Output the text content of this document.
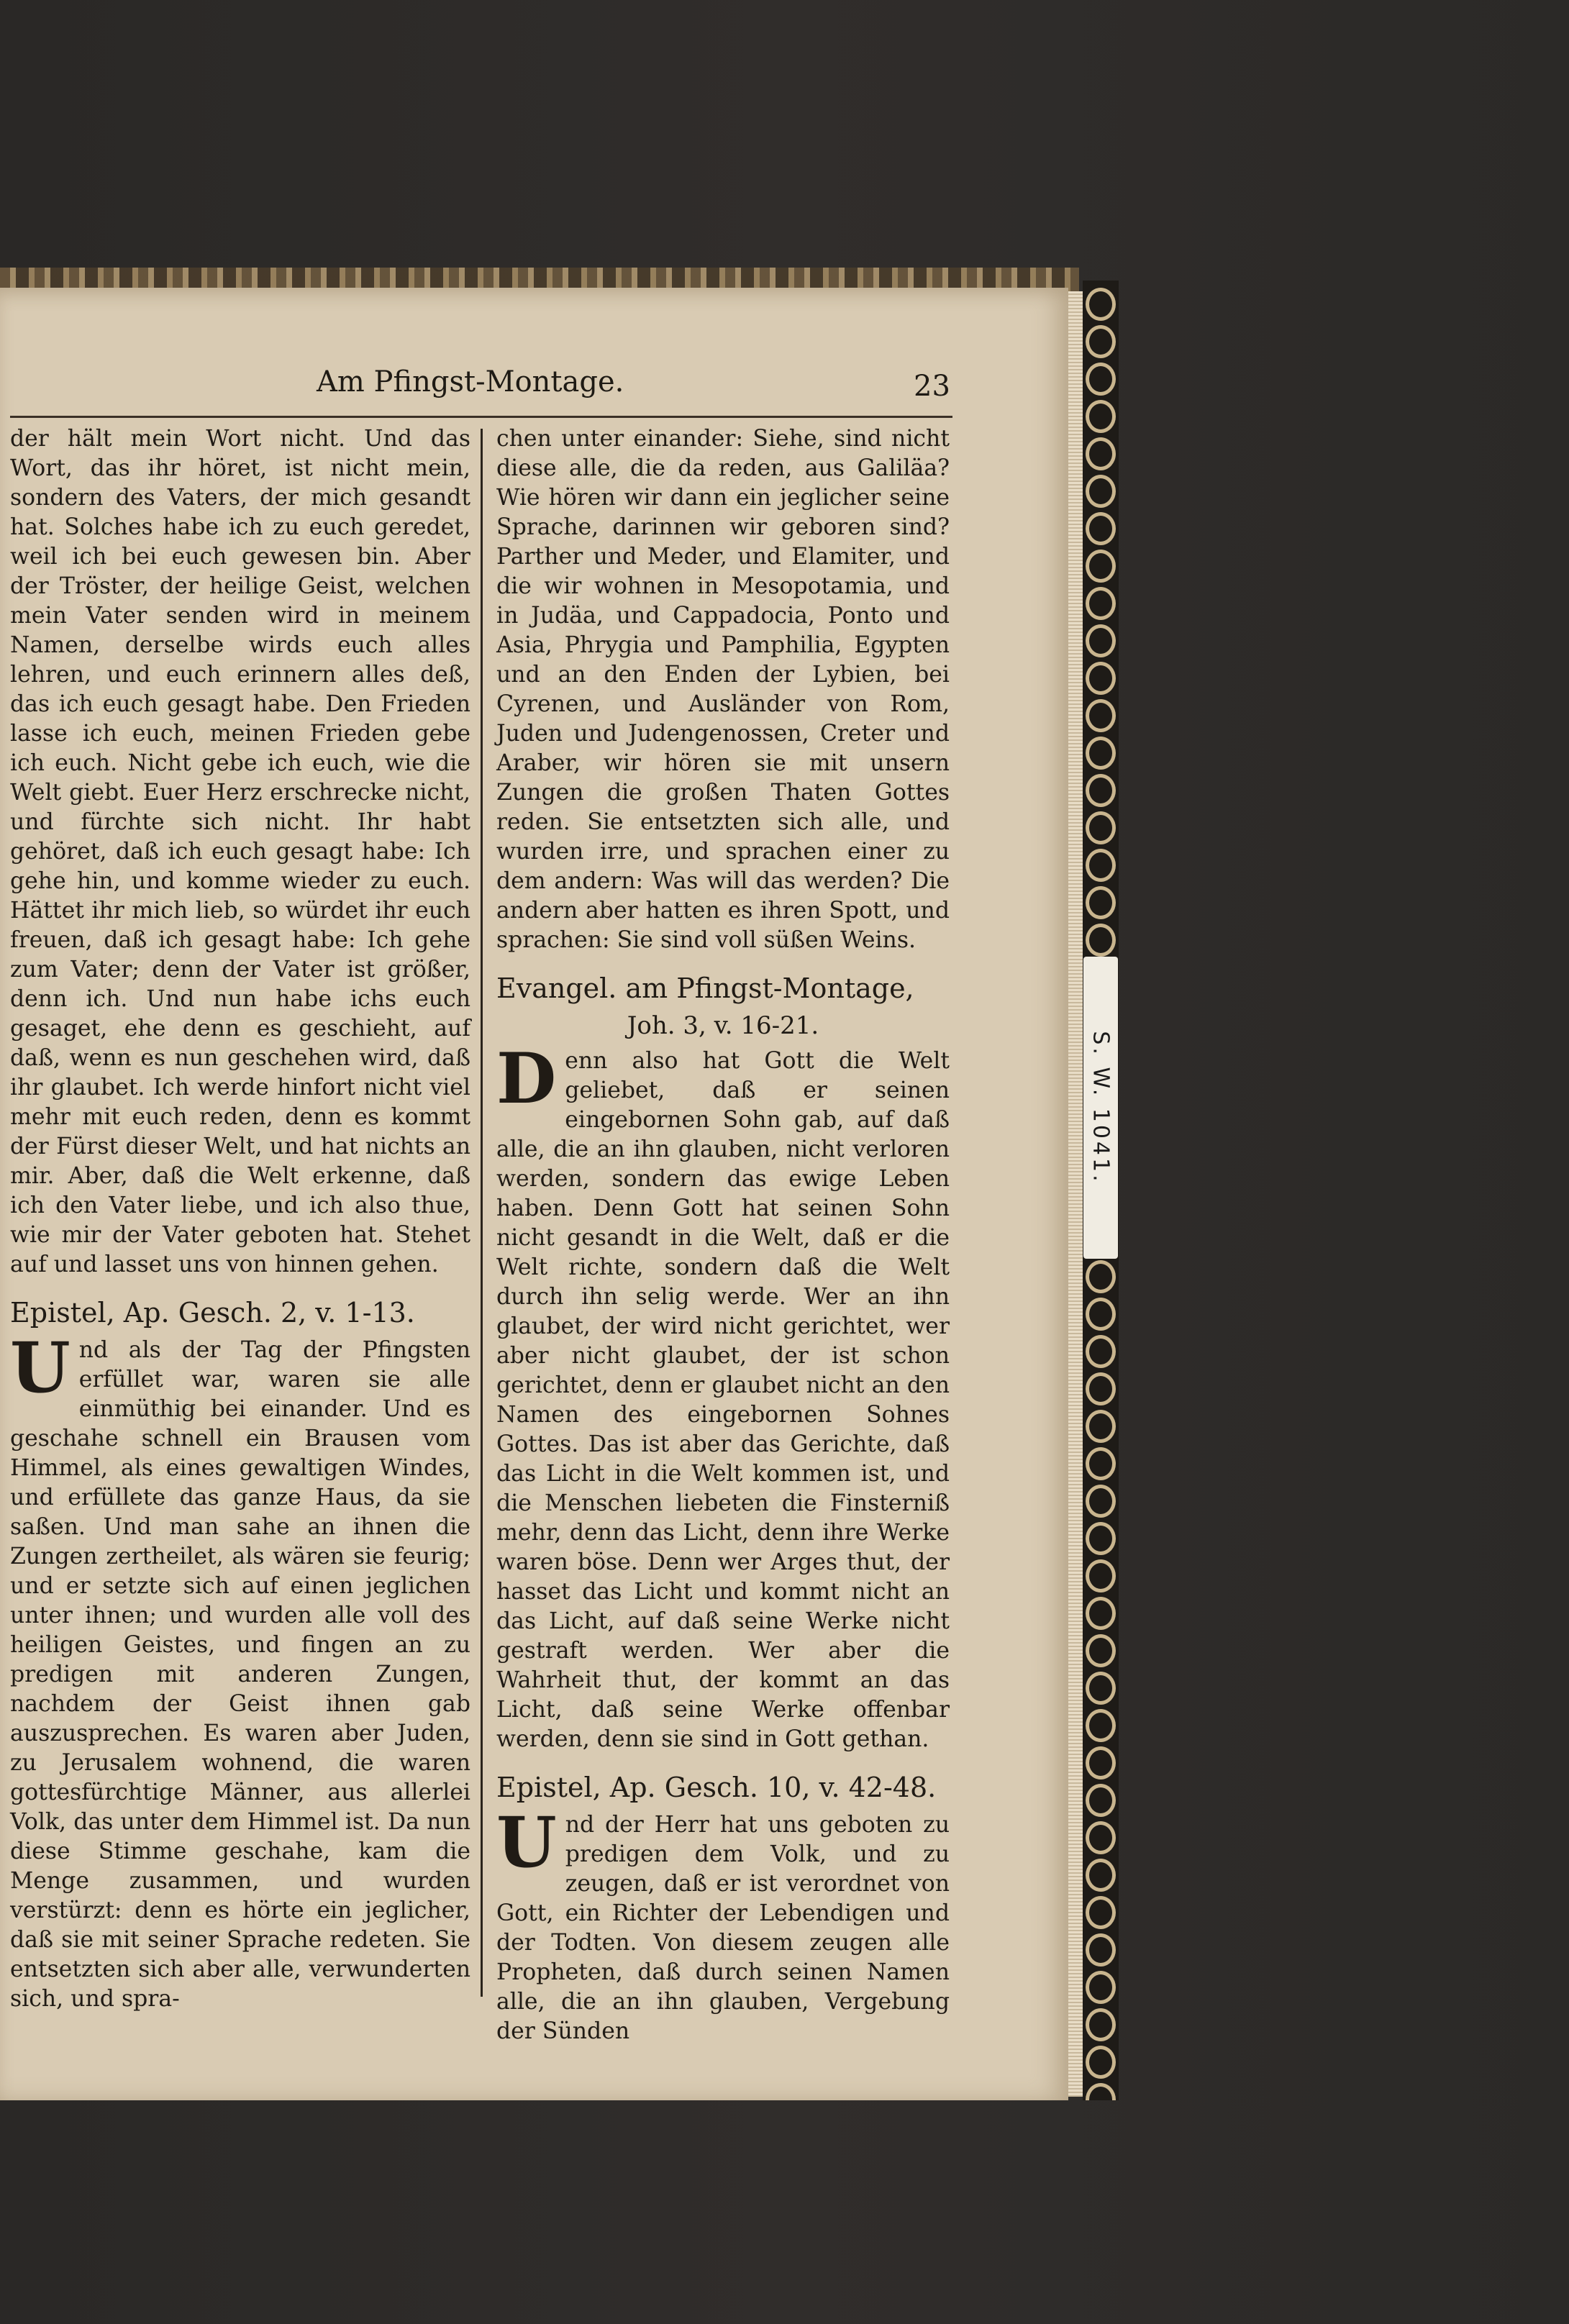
S. W. 1041.
Am Pfingst-Montage.	23

der hält mein Wort nicht. Und das Wort, das ihr höret, ist nicht mein, sondern des Vaters, der mich gesandt hat. Solches habe ich zu euch geredet, weil ich bei euch gewesen bin. Aber der Tröster, der heilige Geist, welchen mein Vater senden wird in meinem Namen, derselbe wirds euch alles lehren, und euch erinnern alles deß, das ich euch gesagt habe. Den Frieden lasse ich euch, meinen Frieden gebe ich euch. Nicht gebe ich euch, wie die Welt giebt. Euer Herz erschrecke nicht, und fürchte sich nicht. Ihr habt gehöret, daß ich euch gesagt habe: Ich gehe hin, und komme wieder zu euch. Hättet ihr mich lieb, so würdet ihr euch freuen, daß ich gesagt habe: Ich gehe zum Vater; denn der Vater ist größer, denn ich. Und nun habe ichs euch gesaget, ehe denn es geschieht, auf daß, wenn es nun geschehen wird, daß ihr glaubet. Ich werde hinfort nicht viel mehr mit euch reden, denn es kommt der Fürst dieser Welt, und hat nichts an mir. Aber, daß die Welt erkenne, daß ich den Vater liebe, und ich also thue, wie mir der Vater geboten hat. Stehet auf und lasset uns von hinnen gehen.

Epistel, Ap. Gesch. 2, v. 1-13.

Und als der Tag der Pfingsten erfüllet war, waren sie alle einmüthig bei einander. Und es geschahe schnell ein Brausen vom Himmel, als eines gewaltigen Windes, und erfüllete das ganze Haus, da sie saßen. Und man sahe an ihnen die Zungen zertheilet, als wären sie feurig; und er setzte sich auf einen jeglichen unter ihnen; und wurden alle voll des heiligen Geistes, und fingen an zu predigen mit anderen Zungen, nachdem der Geist ihnen gab auszusprechen. Es waren aber Juden, zu Jerusalem wohnend, die waren gottesfürchtige Männer, aus allerlei Volk, das unter dem Himmel ist. Da nun diese Stimme geschahe, kam die Menge zusammen, und wurden verstürzt: denn es hörte ein jeglicher, daß sie mit seiner Sprache redeten. Sie entsetzten sich aber alle, verwunderten sich, und spra-

chen unter einander: Siehe, sind nicht diese alle, die da reden, aus Galiläa? Wie hören wir dann ein jeglicher seine Sprache, darinnen wir geboren sind? Parther und Meder, und Elamiter, und die wir wohnen in Mesopotamia, und in Judäa, und Cappadocia, Ponto und Asia, Phrygia und Pamphilia, Egypten und an den Enden der Lybien, bei Cyrenen, und Ausländer von Rom, Juden und Judengenossen, Creter und Araber, wir hören sie mit unsern Zungen die großen Thaten Gottes reden. Sie entsetzten sich alle, und wurden irre, und sprachen einer zu dem andern: Was will das werden? Die andern aber hatten es ihren Spott, und sprachen: Sie sind voll süßen Weins.

Evangel. am Pfingst-Montage,

Joh. 3, v. 16-21.

Denn also hat Gott die Welt geliebet, daß er seinen eingebornen Sohn gab, auf daß alle, die an ihn glauben, nicht verloren werden, sondern das ewige Leben haben. Denn Gott hat seinen Sohn nicht gesandt in die Welt, daß er die Welt richte, sondern daß die Welt durch ihn selig werde. Wer an ihn glaubet, der wird nicht gerichtet, wer aber nicht glaubet, der ist schon gerichtet, denn er glaubet nicht an den Namen des eingebornen Sohnes Gottes. Das ist aber das Gerichte, daß das Licht in die Welt kommen ist, und die Menschen liebeten die Finsterniß mehr, denn das Licht, denn ihre Werke waren böse. Denn wer Arges thut, der hasset das Licht und kommt nicht an das Licht, auf daß seine Werke nicht gestraft werden. Wer aber die Wahrheit thut, der kommt an das Licht, daß seine Werke offenbar werden, denn sie sind in Gott gethan.

Epistel, Ap. Gesch. 10, v. 42-48.

Und der Herr hat uns geboten zu predigen dem Volk, und zu zeugen, daß er ist verordnet von Gott, ein Richter der Lebendigen und der Todten. Von diesem zeugen alle Propheten, daß durch seinen Namen alle, die an ihn glauben, Vergebung der Sünden
